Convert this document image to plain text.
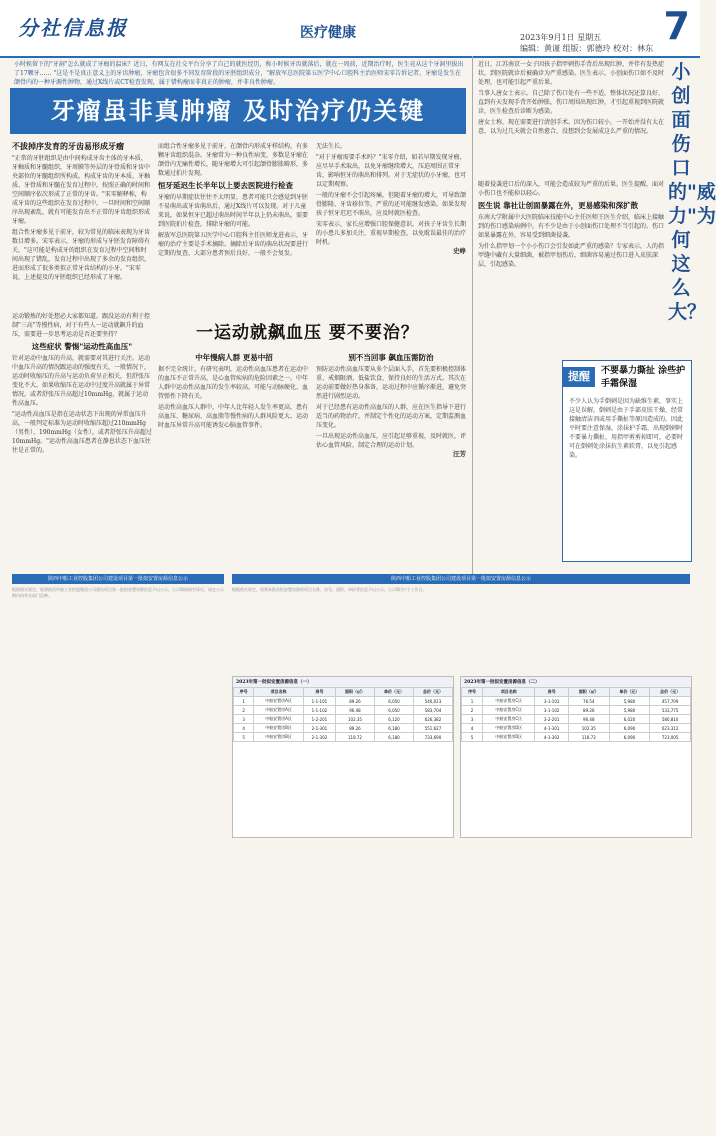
分社信息报	医疗健康	2023年9月1日 星期五
编辑：黄谨 组版：郭德玲 校对：林东
7
小时候留下的"牙洞"怎么就成了牙瘤的温床？近日，有网友在社交平台分享了自己的就医经历，称小时候牙齿就落后，就在一周前，近期治疗时，医生竟从这个牙洞里拔出了17颗牙…… "这是不是真正意义上的牙齿肿瘤，牙瘤包含很多不同发育阶段的牙胚组织成分，"解放军总医院第五医学中心口腔科主治医师宋零告诉记者，牙瘤是发生在颌骨内的一种牙源性肿物，通过X线片或CT检查发现，属于错构瘤而非真正的肿瘤，并非良性肿瘤。
牙瘤虽非真肿瘤 及时治疗仍关键
不拔掉序发育的牙齿易形成牙瘤

"正常的牙胚组织是由中间构成牙齿主体的牙本质、牙釉质和牙髓组织，牙周膜等外层的牙骨质和牙齿中央部位的牙髓组织所构成。构成牙齿的牙本质、牙釉质、牙骨质和牙髓在发育过程中，按照正确的时间和空间顺序依次形成了正常的牙齿。"宋零解释称，构成牙齿的这些组织在发育过程中，一旦时间和空间顺序出现紊乱，就有可能发育出不正常的牙齿组织形成牙瘤。

组合性牙瘤多见于前牙，较为常见的临床表现为牙齿数目增多。宋零表示，牙瘤的形成与牙胚发育障碍有关，"这可能是构成牙的组织在发育过程中空间和时间出现了错乱，发育过程中出现了多余的发育组织，进而形成了很多类似正常牙齿结构的小牙。"宋零说，上述提及的牙胚组织已经形成了牙瘤。

运动锻炼的好处想必大家都知道。跟没运动有利于控制"三高"等慢性病，对于有些人一运动就飙升的血压，需要进一步思考运动是否还要坚持？

这些症状 警惕"运动性高血压"

针对运动中血压的升高，就需要对其进行关注。运动中血压升高的情况跟运动的强度有关，一般情况下，运动时收缩压的升高与运动负荷呈正相关，但舒张压变化不大。如果收缩压在运动中过度升高就属于异常情况，或者舒张压升高超过10mmHg，就属于运动性高血压。

"运动性高血压是指在运动状态下出现的异常血压升高，一般判定标准为运动时收缩压超过210mmHg（男性）、190mmHg（女性），或者舒张压升高超过10mmHg。"运动性高血压患者在静息状态下血压往往是正常的。

而组合性牙瘤多见于前牙，在颌骨内形成牙样结构，有多颗牙齿组织混杂。牙瘤常为一种良性病变，多数是牙瘤在颌骨内无痛性增长，随牙瘤增大可引起颌骨膨胀畸形，多数通过拍片发现。

恒牙延迟生长半年以上要去医院进行检查

牙瘤的早期症状往往不太明显，患者可能只会感觉到牙胚不易萌出或牙齿萌出后，通过X线片可以发现。对于儿童来说，如果恒牙已超过萌出时间半年以上仍未萌出，需要到医院拍片检查，排除牙瘤的可能。

解放军总医院第五医学中心口腔科主任医师龙进表示，牙瘤的治疗主要是手术摘除。摘除后牙齿的萌出状况要进行定期的复查，大部分患者预后良好，一般不会复发。

中年慢病人群 更易中招

据不完全统计，有研究表明，运动性高血压患者在运动中的血压不正常升高，是心血管疾病的危险因素之一。中年人群中运动性高血压的发生率较高，可能与动脉硬化、血管弹性下降有关。

运动性高血压人群中，中年人比年轻人发生率更高，患有高血压、糖尿病、高血脂等慢性病的人群风险更大。运动时血压异常升高可能诱发心脑血管事件。

无法生长。

"对于牙瘤需要手术吗？"宋零介绍，如若早期发现牙瘤，应尽早手术取出，以免牙瘤继续增大，压迫周围正常牙齿，影响恒牙的萌出和排列。对于无症状的小牙瘤，也可以定期观察。

一般的牙瘤不会引起疼痛，但随着牙瘤的增大，可导致颌骨膨隆、牙齿移位等，严重的还可能继发感染。如果发现孩子恒牙迟迟不萌出，应及时就医检查。

宋零表示，家长应增强口腔保健意识，对孩子牙齿生长期的小患儿多加关注，重视早期检查，以免耽误最佳的治疗时机。

史峥
别不当回事 飙血压需防治

预防运动性高血压要从多个层面入手，首先要积极控制体重、戒烟限酒、低盐饮食，保持良好的生活方式。其次在运动前要做好热身准备，运动过程中应循序渐进，避免突然进行剧烈运动。

对于已经患有运动性高血压的人群，应在医生指导下进行适当的药物治疗，并制定个性化的运动方案，定期监测血压变化。

一旦出现运动性高血压，应引起足够重视，及时就医，评估心血管风险，制定合理的运动计划。

汪芳
一运动就飙血压 要不要治？

近日，江苏南京一女子因孩子指甲刺伤手背后出现红肿，并伴有发热症状，到医院就诊后被确诊为严重感染。医生表示，小创面伤口如不及时处理，也可能引起严重后果。

当事人唐女士表示，自己除了伤口处有一些不适，整体状况还算良好，直到有天发现手背开始肿胀，伤口周围出现红肿，才引起重视到医院就诊，医生检查后诊断为感染。

唐女士称，现在需要进行清创手术。因为伤口较小，一开始并没有太在意，以为过几天就会自然愈合，没想到会发展成这么严重的情况。

随着侵袭进口后的深入，可能会造成较为严重的后果。医生提醒，面对小伤口也不能掉以轻心。

医生说 靠社让创面暴露在外，更易感染和深扩散

东南大学附属中大医院临床技能中心主任医师王医生介绍，临床上接触到的伤口感染病例中，有不少是由于小创面伤口处理不当引起的。伤口如果暴露在外，容易受到细菌侵袭。

为什么指甲划一个小小伤口会引发如此严重的感染？专家表示，人的指甲缝中藏有大量细菌，被指甲划伤后，细菌容易通过伤口进入皮肤深层，引起感染。

小创面伤口的"威力"为何这么大？
提醒	不要暴力撕扯 涂些护手霜保湿
不少人认为手倒刺是因为缺维生素，事实上这是误解。倒刺是由于手部皮肤干燥、经常接触清洁剂或用手撕扯等原因造成的。因此平时要注意保湿，涂抹护手霜，出现倒刺时不要暴力撕扯，用指甲剪剪掉即可，必要时可在倒刺处涂抹抗生素软膏，以免引起感染。
陕西中船工业控股集团公司建设项目第一批拟安置房源信息公示
根据相关规定，现将陕西中船工业控股集团公司建设项目第一批拟安置房源信息予以公示。公示期间如有异议，请在公示期内向有关部门反映。
陕西中船工业控股集团公司建设项目第一批拟安置房源信息公示
根据相关规定，现将本批次拟安置房源的项目名称、房号、面积、单价等信息予以公示，公示期为7个工作日。
2023年第一批拟安置房源信息（一）
序号	项目名称	房号	面积（㎡）	单价（元）	总价（元）
1	中船安置房A区	1-1-101	89.26	6,050	540,023
2	中船安置房A区	1-1-102	96.48	6,050	583,704
3	中船安置房A区	1-2-201	102.35	6,120	626,382
4	中船安置房B区	2-1-301	89.26	6,180	551,627
5	中船安置房B区	2-1-302	118.72	6,180	733,690
2023年第一批拟安置房源信息（二）
序号	项目名称	房号	面积（㎡）	单价（元）	总价（元）
1	中船安置房C区	3-1-101	76.54	5,980	457,709
2	中船安置房C区	3-1-102	89.26	5,980	533,775
3	中船安置房C区	3-2-201	96.48	6,020	580,810
4	中船安置房D区	4-1-301	102.35	6,090	623,312
5	中船安置房D区	4-1-302	118.72	6,090	723,005
